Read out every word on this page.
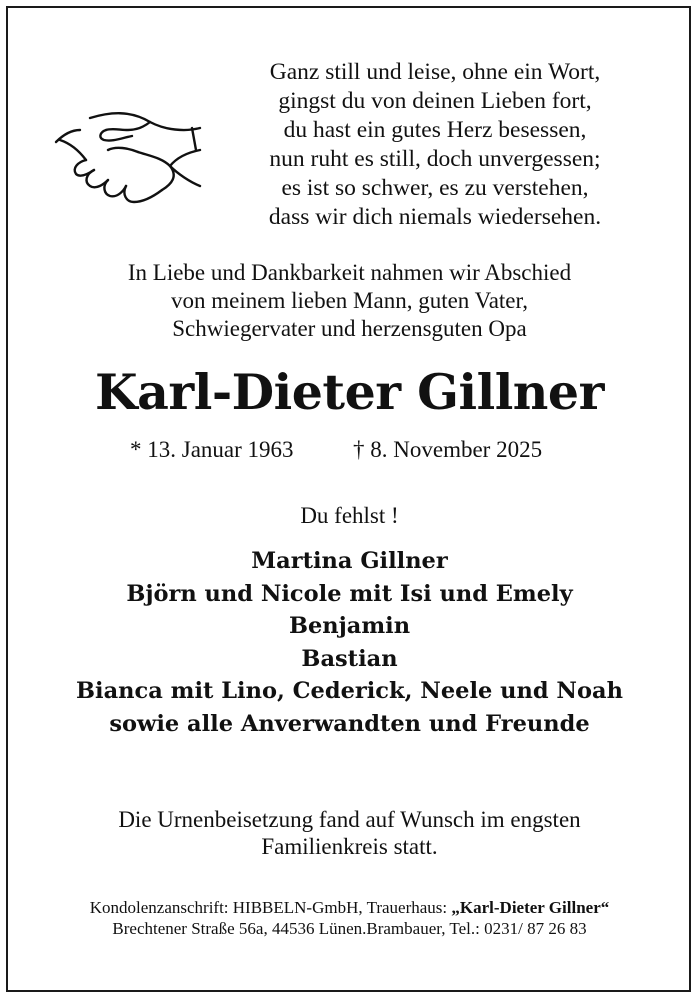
Ganz still und leise, ohne ein Wort,
gingst du von deinen Lieben fort,
du hast ein gutes Herz besessen,
nun ruht es still, doch unvergessen;
es ist so schwer, es zu verstehen,
dass wir dich niemals wiedersehen.
In Liebe und Dankbarkeit nahmen wir Abschied
von meinem lieben Mann, guten Vater,
Schwiegervater und herzensguten Opa
Karl-Dieter Gillner
* 13. Januar 1963	† 8. November 2025
Du fehlst !
Martina Gillner
Björn und Nicole mit Isi und Emely
Benjamin
Bastian
Bianca mit Lino, Cederick, Neele und Noah
sowie alle Anverwandten und Freunde
Die Urnenbeisetzung fand auf Wunsch im engsten
Familienkreis statt.
Kondolenzanschrift: HIBBELN-GmbH, Trauerhaus: „Karl-Dieter Gillner“
Brechtener Straße 56a, 44536 Lünen.Brambauer, Tel.: 0231/ 87 26 83
